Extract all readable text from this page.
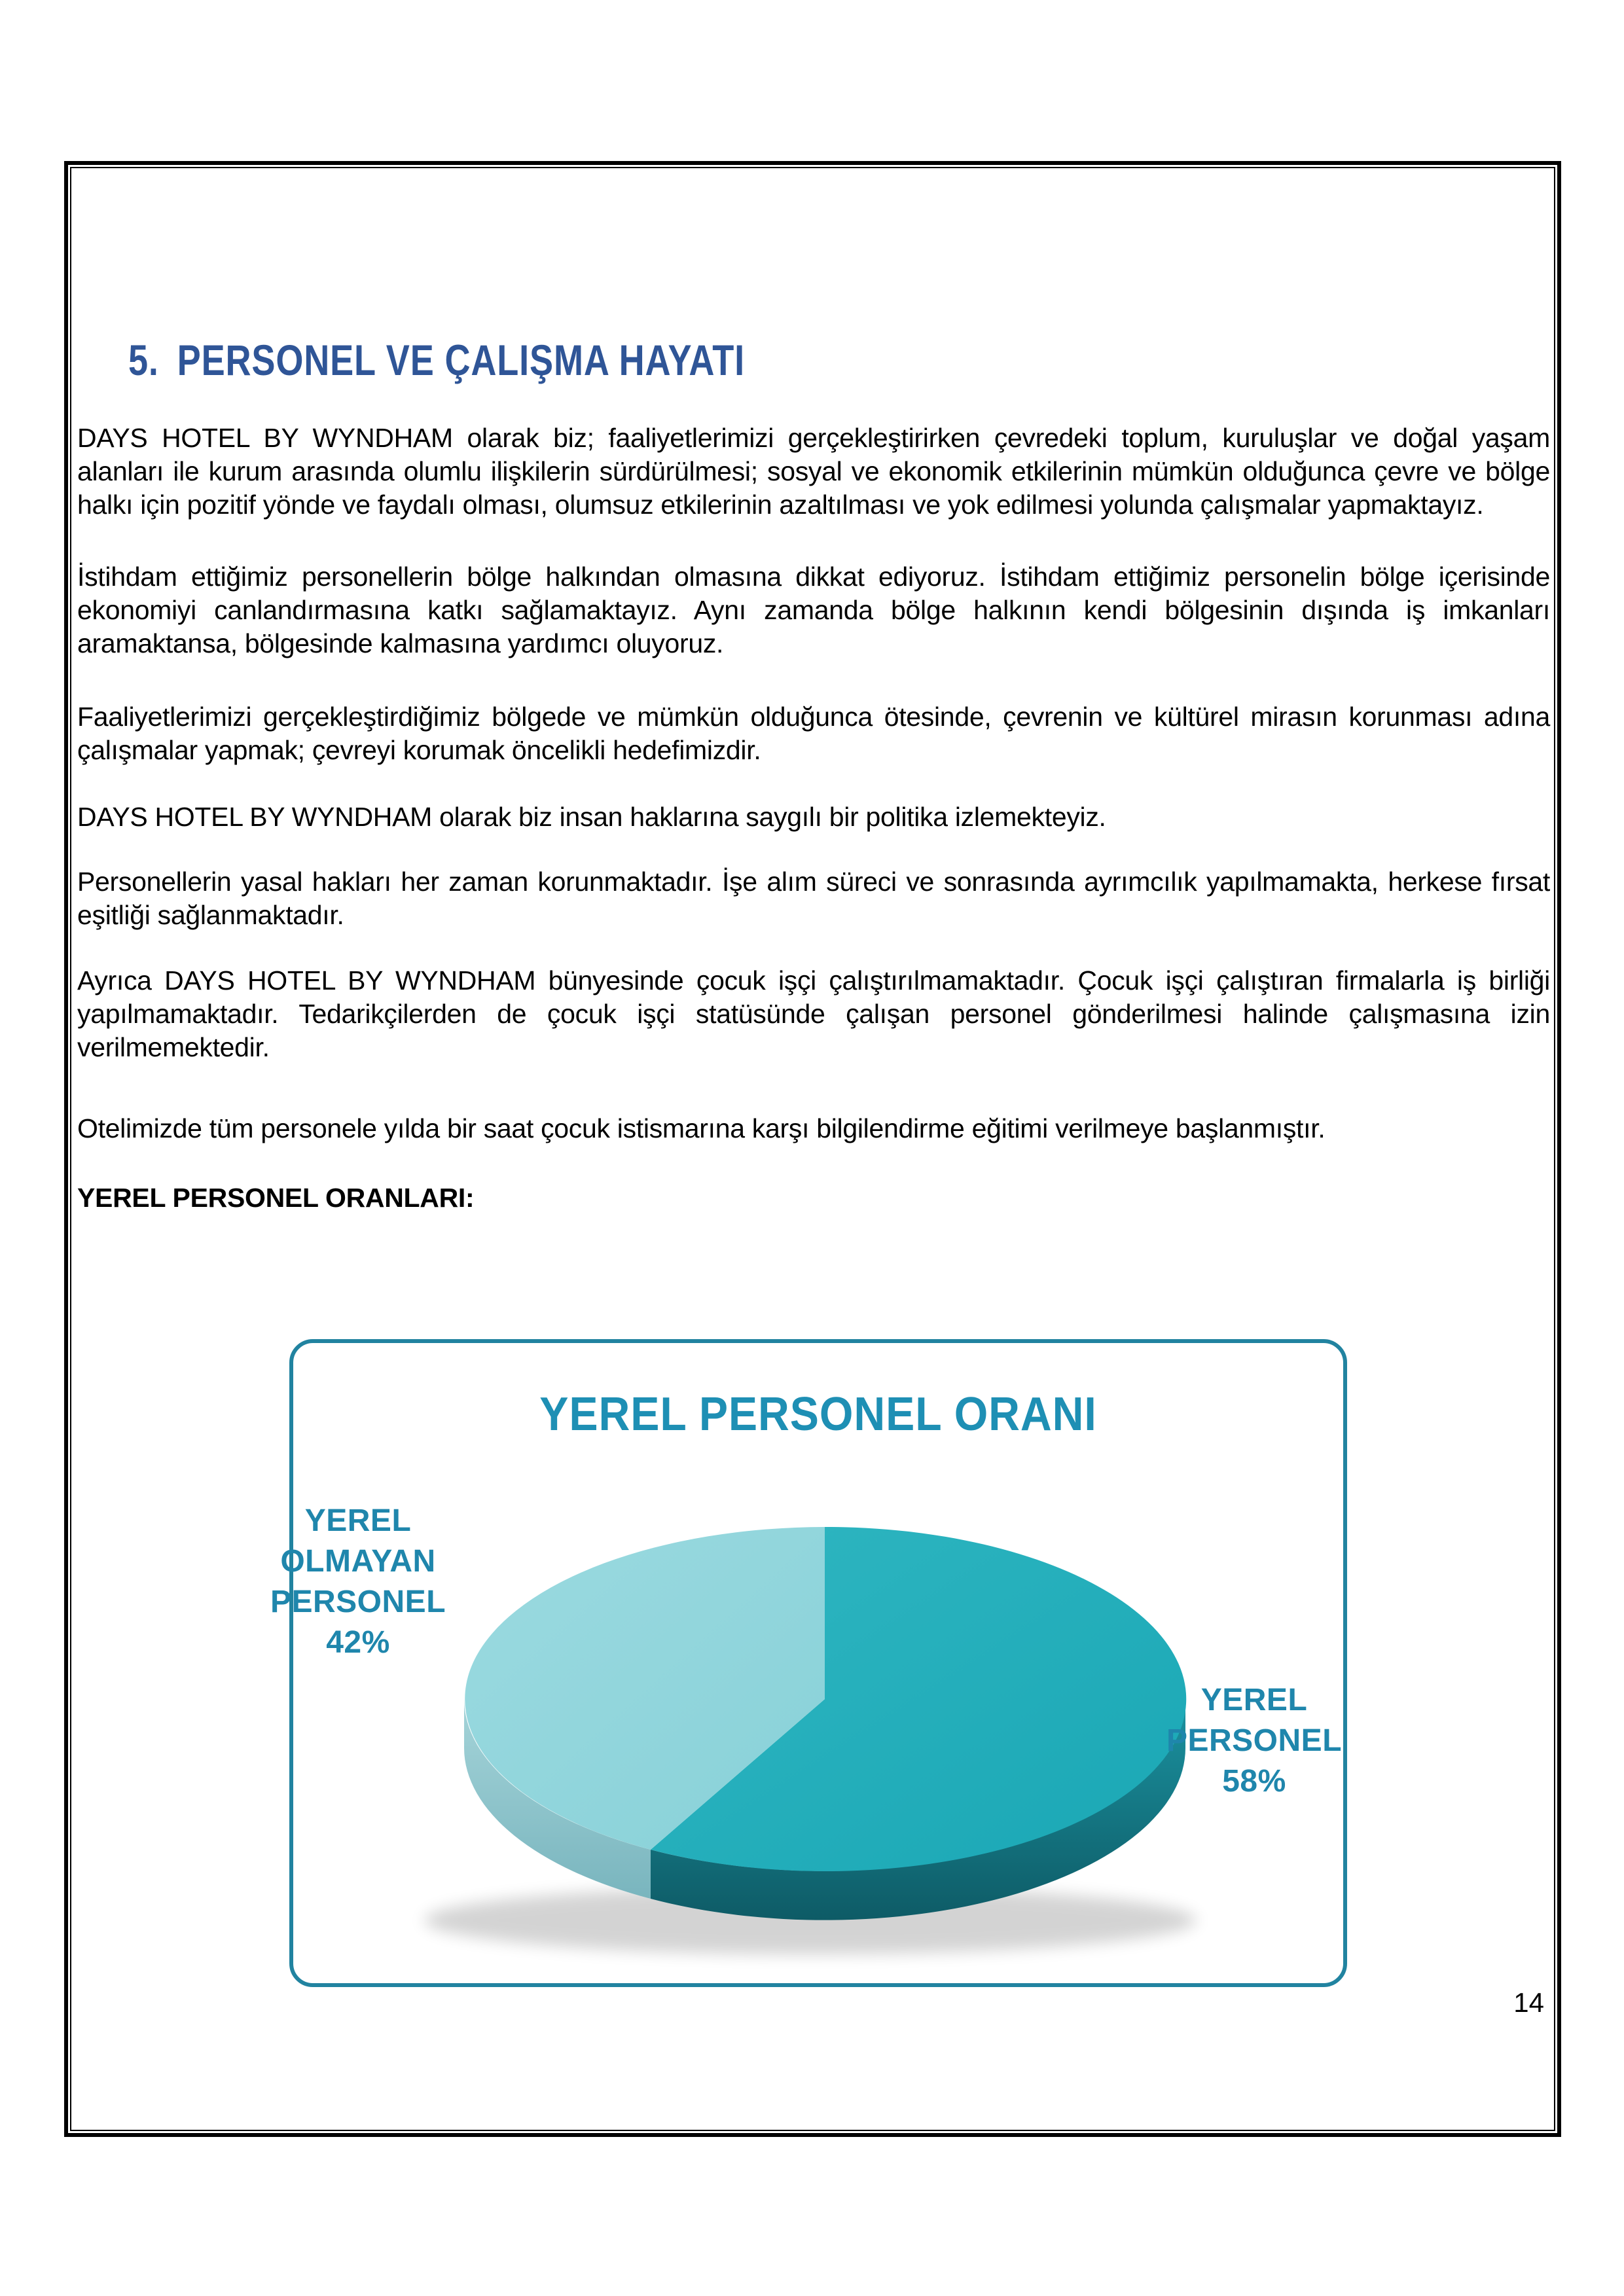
5. PERSONEL VE ÇALIŞMA HAYATI

DAYS HOTEL BY WYNDHAM olarak biz; faaliyetlerimizi gerçekleştirirken çevredeki toplum, kuruluşlar ve doğal yaşam alanları ile kurum arasında olumlu ilişkilerin sürdürülmesi; sosyal ve ekonomik etkilerinin mümkün olduğunca çevre ve bölge halkı için pozitif yönde ve faydalı olması, olumsuz etkilerinin azaltılması ve yok edilmesi yolunda çalışmalar yapmaktayız.

İstihdam ettiğimiz personellerin bölge halkından olmasına dikkat ediyoruz. İstihdam ettiğimiz personelin bölge içerisinde ekonomiyi canlandırmasına katkı sağlamaktayız. Aynı zamanda bölge halkının kendi bölgesinin dışında iş imkanları aramaktansa, bölgesinde kalmasına yardımcı oluyoruz.

Faaliyetlerimizi gerçekleştirdiğimiz bölgede ve mümkün olduğunca ötesinde, çevrenin ve kültürel mirasın korunması adına çalışmalar yapmak; çevreyi korumak öncelikli hedefimizdir.

DAYS HOTEL BY WYNDHAM olarak biz insan haklarına saygılı bir politika izlemekteyiz.

Personellerin yasal hakları her zaman korunmaktadır. İşe alım süreci ve sonrasında ayrımcılık yapılmamakta, herkese fırsat eşitliği sağlanmaktadır.

Ayrıca DAYS HOTEL BY WYNDHAM bünyesinde çocuk işçi çalıştırılmamaktadır. Çocuk işçi çalıştıran firmalarla iş birliği yapılmamaktadır. Tedarikçilerden de çocuk işçi statüsünde çalışan personel gönderilmesi halinde çalışmasına izin verilmemektedir.

Otelimizde tüm personele yılda bir saat çocuk istismarına karşı bilgilendirme eğitimi verilmeye başlanmıştır.

YEREL PERSONEL ORANLARI:
YEREL PERSONEL ORANI
YEREL
OLMAYAN
PERSONEL
42%
YEREL
PERSONEL
58%
14
